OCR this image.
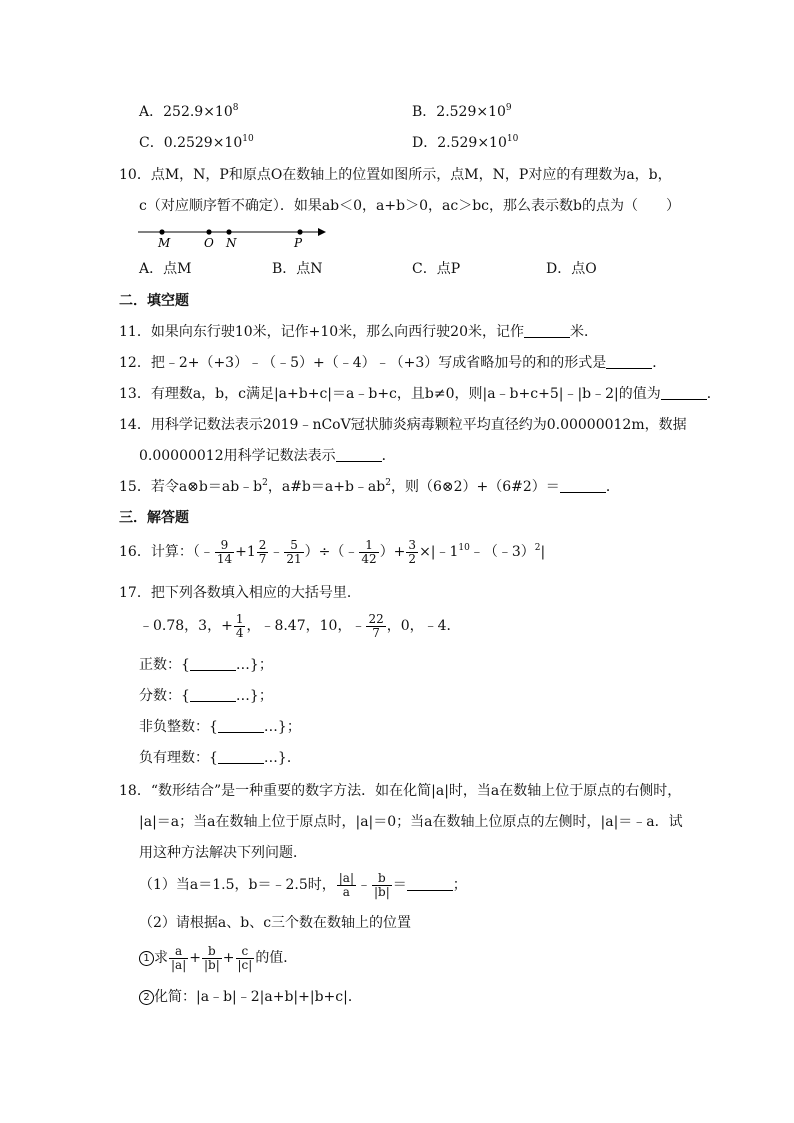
A．$252.9\times 10^8$	B．$2.529\times 10^9$
C．$0.2529\times 10^{10}$	D．$2.529\times 10^{10}$
10．点M，N，P和原点O在数轴上的位置如图所示，点M，N，P对应的有理数为a，b，
c（对应顺序暂不确定）．如果ab＜0，a+b＞0，ac＞bc，那么表示数b的点为（　　）
M	O N	P
A．点M	B．点N	C．点P	D．点O
二．填空题
11．如果向东行驶10米，记作+10米，那么向西行驶20米，记作	米．
12．把﹣2+（+3）﹣（﹣5）+（﹣4）﹣（+3）写成省略加号的和的形式是	．
13．有理数a，b，c满足|a+b+c|＝a﹣b+c，且b≠0，则|a﹣b+c+5|﹣|b﹣2|的值为	．
14．用科学记数法表示2019﹣nCoV冠状肺炎病毒颗粒平均直径约为0.00000012m，数据
0.00000012用科学记数法表示	．
15．若令$a\otimes b=ab﹣b^2$，$a\#b=a+b﹣ab^2$，则（6⊗2）+（6#2）＝	．
三．解答题
16．计算：（﹣ $\frac{9}{14} +1 \frac{2}{7}$ ﹣ $\frac{5}{21}$ ）÷（﹣ $\frac{1}{42}$ ）+ $\frac{3}{2}$ $\times|﹣1^{10}﹣(﹣3)^2|$
17．把下列各数填入相应的大括号里．
﹣0.78，3，+ $\frac{1}{4}$ ，﹣8.47，10，﹣ $\frac{22}{7}$ ，0，﹣4．
正数：{	…}；
分数：{	…}；
非负整数：{	…}；
负有理数：{	…}．
18．“数形结合”是一种重要的数字方法．如在化简|a|时，当a在数轴上位于原点的右侧时，
|a|＝a；当a在数轴上位于原点时，|a|＝0；当a在数轴上位原点的左侧时，|a|＝﹣a．试
用这种方法解决下列问题．
（1）当a＝1.5，b＝﹣2.5时， $\frac{|a|}{a}$ ﹣ $\frac{b}{|b|}$ ＝	；
（2）请根据a、b、c三个数在数轴上的位置
1 求 $\frac{a}{|a|} + \frac{b}{|b|} + \frac{c}{|c|}$ 的值．
2 化简：|a﹣b|﹣2|a+b|+|b+c|．
